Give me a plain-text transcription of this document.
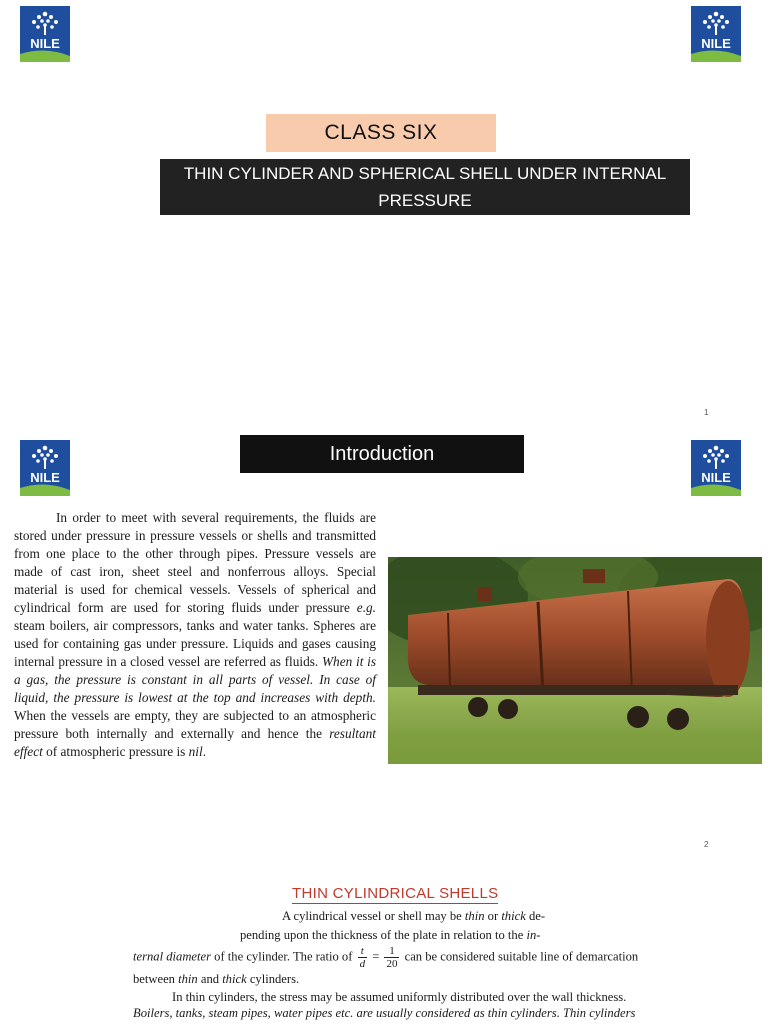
CLASS SIX
THIN CYLINDER AND SPHERICAL SHELL UNDER INTERNAL
PRESSURE
1
Introduction

In order to meet with several requirements, the fluids are stored under pressure in pressure vessels or shells and transmitted from one place to the other through pipes. Pressure vessels are made of cast iron, sheet steel and nonferrous alloys. Special material is used for chemical vessels. Vessels of spherical and cylindrical form are used for storing fluids under pressure e.g. steam boilers, air compressors, tanks and water tanks. Spheres are used for containing gas under pressure. Liquids and gases causing internal pressure in a closed vessel are referred as fluids. When it is a gas, the pressure is constant in all parts of vessel. In case of liquid, the pressure is lowest at the top and increases with depth. When the vessels are empty, they are subjected to an atmospheric pressure both internally and externally and hence the resultant effect of atmospheric pressure is nil.

2
THIN CYLINDRICAL SHELLS
A cylindrical vessel or shell may be thin or thick de-
pending upon the thickness of the plate in relation to the in-
ternal diameter of the cylinder. The ratio of $\frac{t}{d} = \frac{1}{20}$ can be considered suitable line of demarcation
between thin and thick cylinders.
In thin cylinders, the stress may be assumed uniformly distributed over the wall thickness.
Boilers, tanks, steam pipes, water pipes etc. are usually considered as thin cylinders. Thin cylinders
